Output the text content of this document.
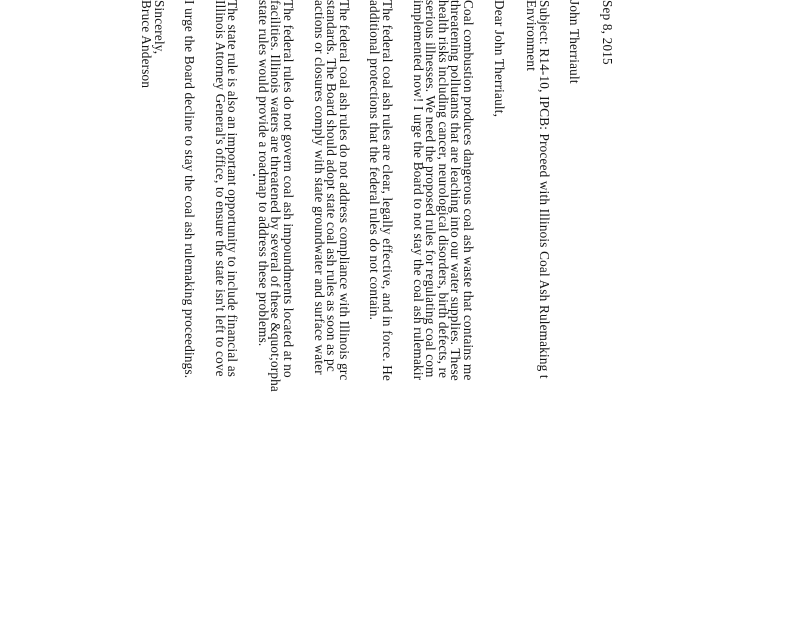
Sep 8, 2015
John Therriault
Subject: R14-10, IPCB: Proceed with Illinois Coal Ash Rulemaking t
Environment
Dear John Therriault,
Coal combustion produces dangerous coal ash waste that contains me
threatening pollutants that are leaching into our water supplies. These
health risks including cancer, neurological disorders, birth defects, re
serious illnesses. We need the proposed rules for regulating coal com
implemented now! I urge the Board to not stay the coal ash rulemakir
The federal coal ash rules are clear, legally effective, and in force. He
additional protections that the federal rules do not contain.
The federal coal ash rules do not address compliance with Illinois grc
standards. The Board should adopt state coal ash rules as soon as pc
actions or closures comply with state groundwater and surface water
The federal rules do not govern coal ash impoundments located at no
facilities. Illinois waters are threatened by several of these &quot;orpha
state rules would provide a roadmap to address these problems.
The state rule is also an important opportunity to include financial as
Illinois Attorney General's office, to ensure the state isn't left to cove
I urge the Board decline to stay the coal ash rulemaking proceedings.
Sincerely,
Bruce Anderson
